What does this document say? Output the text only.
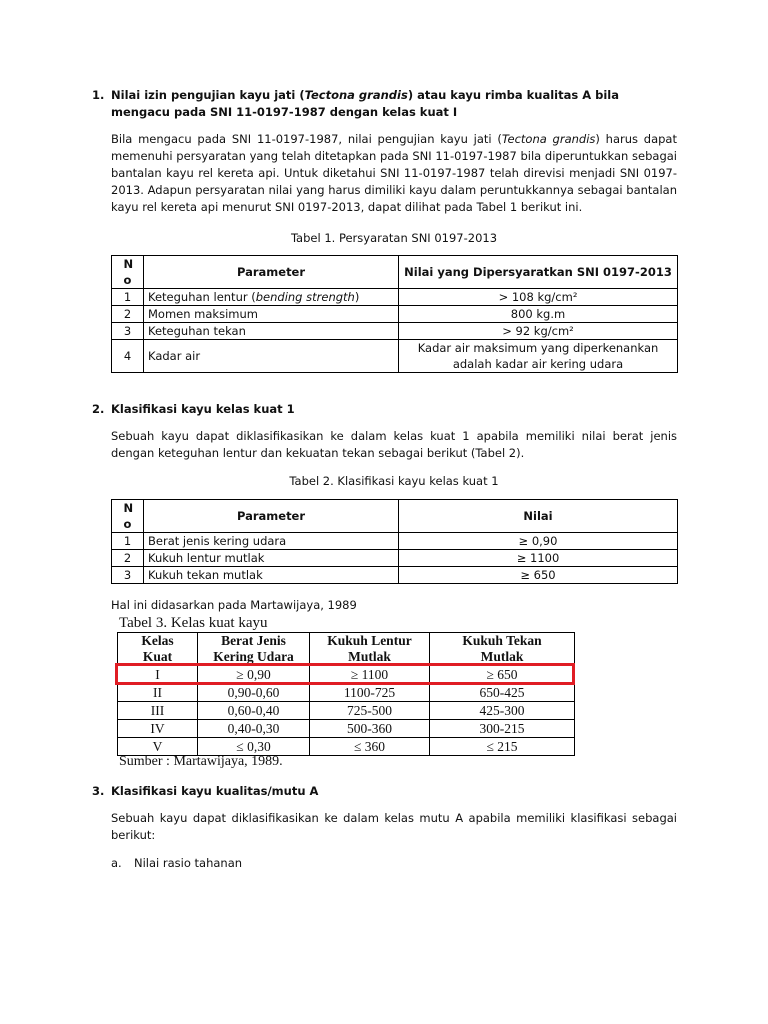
1. Nilai izin pengujian kayu jati (Tectona grandis) atau kayu rimba kualitas A bila mengacu pada SNI 11-0197-1987 dengan kelas kuat I
Bila mengacu pada SNI 11-0197-1987, nilai pengujian kayu jati (Tectona grandis) harus dapat memenuhi persyaratan yang telah ditetapkan pada SNI 11-0197-1987 bila diperuntukkan sebagai bantalan kayu rel kereta api. Untuk diketahui SNI 11-0197-1987 telah direvisi menjadi SNI 0197-2013. Adapun persyaratan nilai yang harus dimiliki kayu dalam peruntukkannya sebagai bantalan kayu rel kereta api menurut SNI 0197-2013, dapat dilihat pada Tabel 1 berikut ini.
Tabel 1. Persyaratan SNI 0197-2013
N o	Parameter	Nilai yang Dipersyaratkan SNI 0197-2013
1	Keteguhan lentur (bending strength)	> 108 kg/cm²
2	Momen maksimum	800 kg.m
3	Keteguhan tekan	> 92 kg/cm²
4	Kadar air	Kadar air maksimum yang diperkenankan adalah kadar air kering udara
2. Klasifikasi kayu kelas kuat 1
Sebuah kayu dapat diklasifikasikan ke dalam kelas kuat 1 apabila memiliki nilai berat jenis dengan keteguhan lentur dan kekuatan tekan sebagai berikut (Tabel 2).
Tabel 2. Klasifikasi kayu kelas kuat 1
N o	Parameter	Nilai
1	Berat jenis kering udara	≥ 0,90
2	Kukuh lentur mutlak	≥ 1100
3	Kukuh tekan mutlak	≥ 650
Hal ini didasarkan pada Martawijaya, 1989
Tabel 3. Kelas kuat kayu
Kelas Kuat	Berat Jenis Kering Udara	Kukuh Lentur Mutlak	Kukuh Tekan Mutlak
I	≥ 0,90	≥ 1100	≥ 650
II	0,90-0,60	1100-725	650-425
III	0,60-0,40	725-500	425-300
IV	0,40-0,30	500-360	300-215
V	≤ 0,30	≤ 360	≤ 215
Sumber : Martawijaya, 1989.
3. Klasifikasi kayu kualitas/mutu A
Sebuah kayu dapat diklasifikasikan ke dalam kelas mutu A apabila memiliki klasifikasi sebagai berikut:
a. Nilai rasio tahanan
